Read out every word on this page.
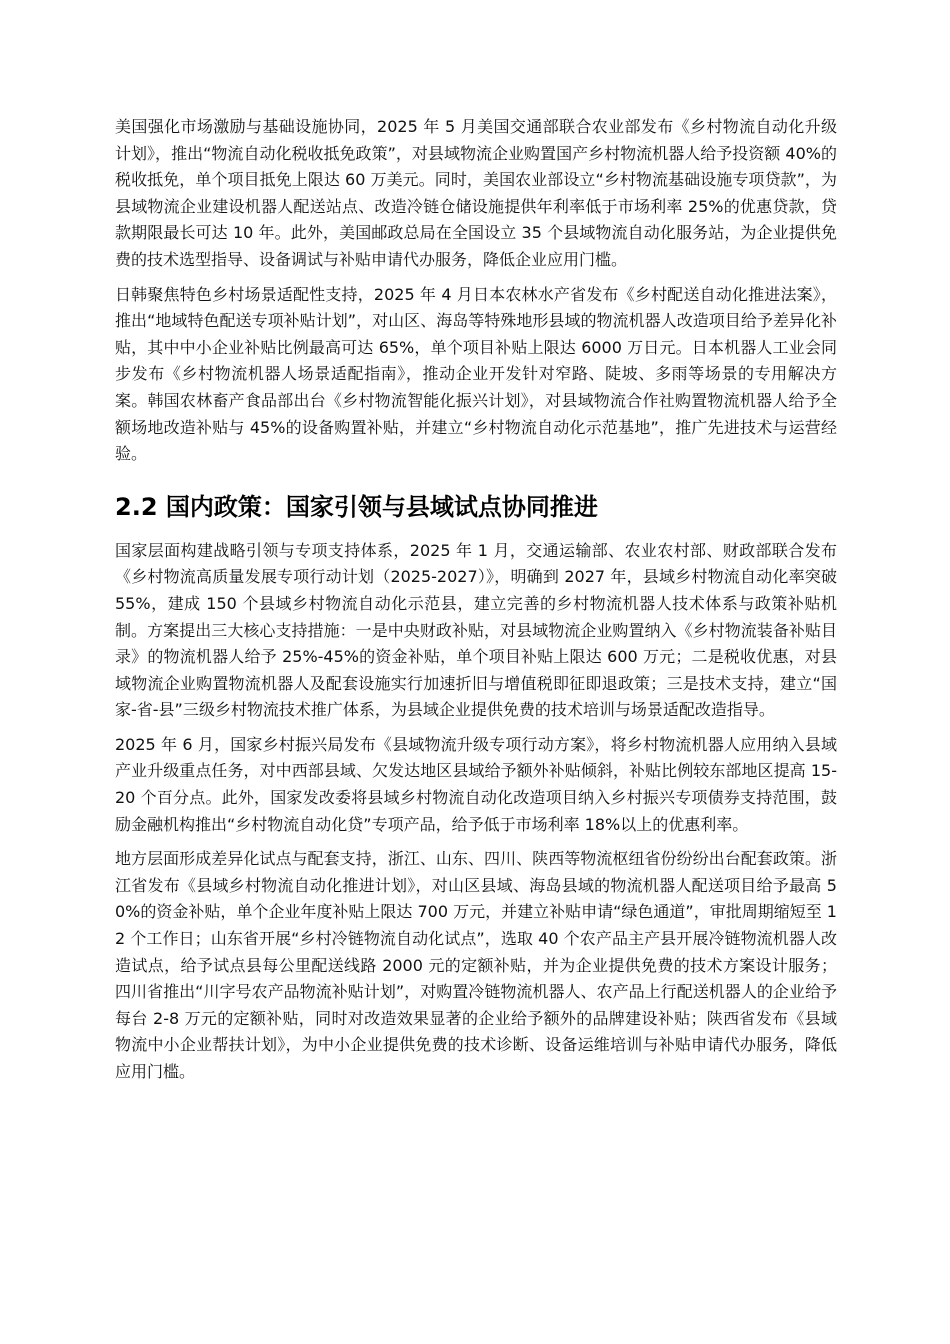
美国强化市场激励与基础设施协同，2025 年 5 月美国交通部联合农业部发布《乡村物流自动化升级计划》，推出“物流自动化税收抵免政策”，对县域物流企业购置国产乡村物流机器人给予投资额 40%的税收抵免，单个项目抵免上限达 60 万美元。同时，美国农业部设立“乡村物流基础设施专项贷款”，为县域物流企业建设机器人配送站点、改造冷链仓储设施提供年利率低于市场利率 25%的优惠贷款，贷款期限最长可达 10 年。此外，美国邮政总局在全国设立 35 个县域物流自动化服务站，为企业提供免费的技术选型指导、设备调试与补贴申请代办服务，降低企业应用门槛。

日韩聚焦特色乡村场景适配性支持，2025 年 4 月日本农林水产省发布《乡村配送自动化推进法案》，推出“地域特色配送专项补贴计划”，对山区、海岛等特殊地形县域的物流机器人改造项目给予差异化补贴，其中中小企业补贴比例最高可达 65%，单个项目补贴上限达 6000 万日元。日本机器人工业会同步发布《乡村物流机器人场景适配指南》，推动企业开发针对窄路、陡坡、多雨等场景的专用解决方案。韩国农林畜产食品部出台《乡村物流智能化振兴计划》，对县域物流合作社购置物流机器人给予全额场地改造补贴与 45%的设备购置补贴，并建立“乡村物流自动化示范基地”，推广先进技术与运营经验。

2.2 国内政策：国家引领与县域试点协同推进

国家层面构建战略引领与专项支持体系，2025 年 1 月，交通运输部、农业农村部、财政部联合发布《乡村物流高质量发展专项行动计划（2025-2027）》，明确到 2027 年，县域乡村物流自动化率突破 55%，建成 150 个县域乡村物流自动化示范县，建立完善的乡村物流机器人技术体系与政策补贴机制。方案提出三大核心支持措施：一是中央财政补贴，对县域物流企业购置纳入《乡村物流装备补贴目录》的物流机器人给予 25%-45%的资金补贴，单个项目补贴上限达 600 万元；二是税收优惠，对县域物流企业购置物流机器人及配套设施实行加速折旧与增值税即征即退政策；三是技术支持，建立“国家-省-县”三级乡村物流技术推广体系，为县域企业提供免费的技术培训与场景适配改造指导。

2025 年 6 月，国家乡村振兴局发布《县域物流升级专项行动方案》，将乡村物流机器人应用纳入县域产业升级重点任务，对中西部县域、欠发达地区县域给予额外补贴倾斜，补贴比例较东部地区提高 15-20 个百分点。此外，国家发改委将县域乡村物流自动化改造项目纳入乡村振兴专项债券支持范围，鼓励金融机构推出“乡村物流自动化贷”专项产品，给予低于市场利率 18%以上的优惠利率。

地方层面形成差异化试点与配套支持，浙江、山东、四川、陕西等物流枢纽省份纷纷出台配套政策。浙江省发布《县域乡村物流自动化推进计划》，对山区县域、海岛县域的物流机器人配送项目给予最高 50%的资金补贴，单个企业年度补贴上限达 700 万元，并建立补贴申请“绿色通道”，审批周期缩短至 12 个工作日；山东省开展“乡村冷链物流自动化试点”，选取 40 个农产品主产县开展冷链物流机器人改造试点，给予试点县每公里配送线路 2000 元的定额补贴，并为企业提供免费的技术方案设计服务；四川省推出“川字号农产品物流补贴计划”，对购置冷链物流机器人、农产品上行配送机器人的企业给予每台 2-8 万元的定额补贴，同时对改造效果显著的企业给予额外的品牌建设补贴；陕西省发布《县域物流中小企业帮扶计划》，为中小企业提供免费的技术诊断、设备运维培训与补贴申请代办服务，降低应用门槛。
